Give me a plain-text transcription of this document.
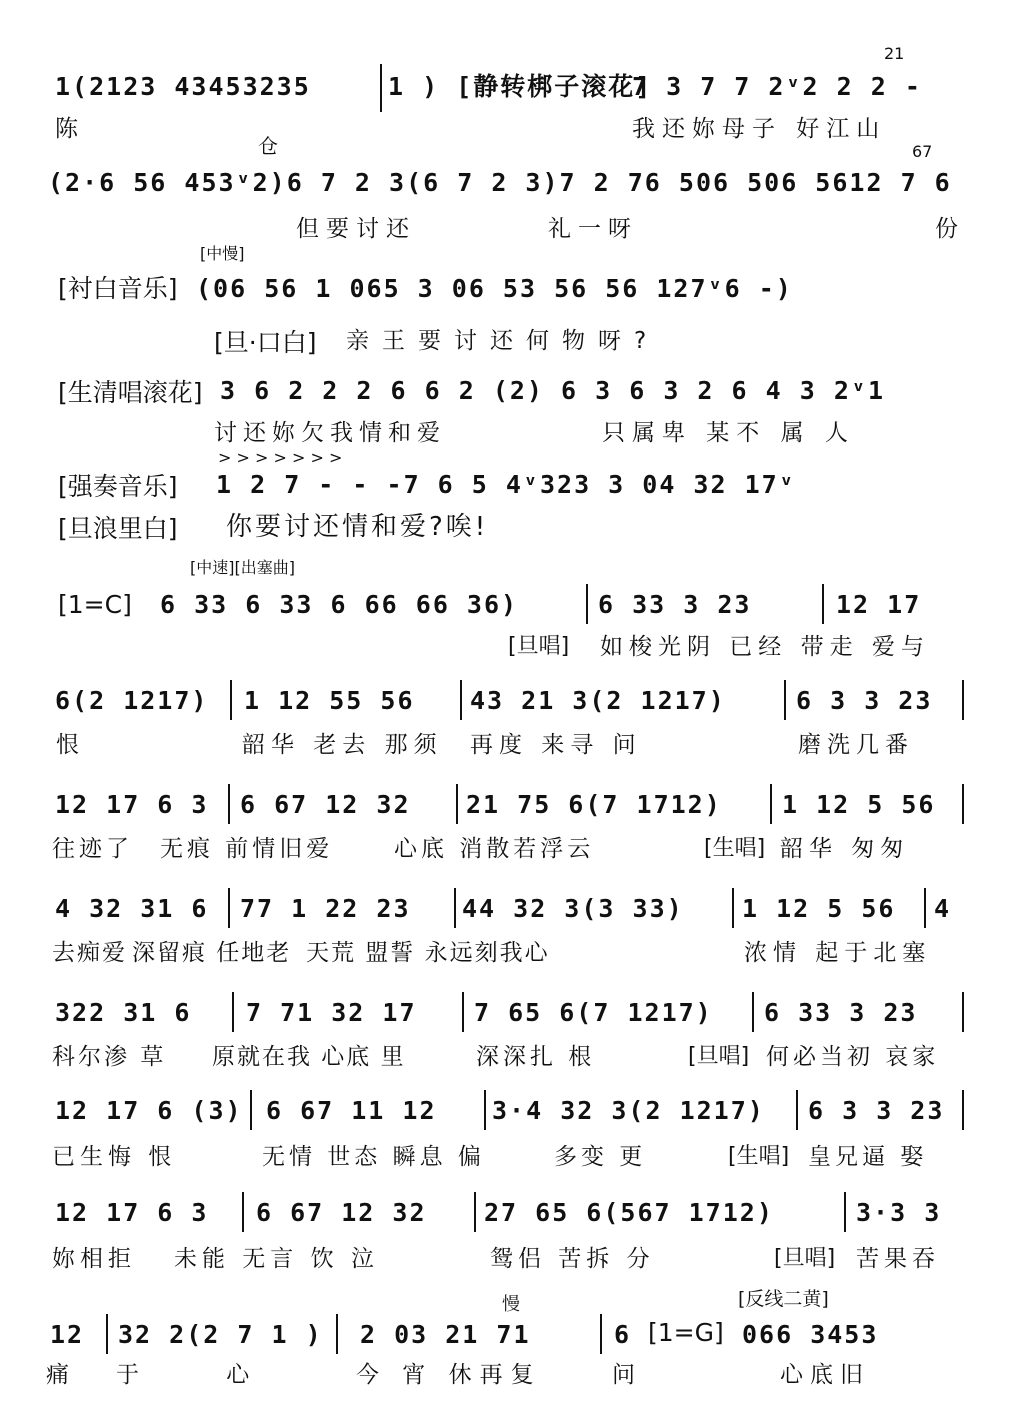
1(2123 43453235	1 ) [静转梆子滚花]
7 3 7 7 2ᵛ2 2 2 -
21
陈	我还妳母子 好江山
仓	67
(2·6 56 453ᵛ2)6 7 2 3(6 7 2 3)7 2 76 506 506 5612 7 6
但要讨还	礼一呀	份
[中慢]
[衬白音乐] (06 56 1 065 3 06 53 56 56 127ᵛ6 -)
[旦·口白] 亲王要讨还何物呀?
[生清唱滚花] 3 6 2 2 2 6 6 2 (2) 6 3 6 3 2 6 4 3 2ᵛ1
讨还妳欠我情和爱	只属卑 某不 属 人
> > > > > > >
[强奏音乐] 1 2 7 - - -7 6 5 4ᵛ323 3 04 32 17ᵛ
[旦浪里白] 你要讨还情和爱?唉!
[中速][出塞曲]
[1=C] 6 33 6 33 6 66 66 36)	6 33 3 23	12 17
[旦唱] 如梭光阴 已经 带走 爱与
6(2 1217) 1 12 55 56 43 21 3(2 1217)	6 3 3 23
恨	韶华 老去 那须 再度 来寻 问	磨洗几番
12 17 6 3 6 67 12 32 21 75 6(7 1712) 1 12 5 56
往迹了 无痕 前情旧爱	心底 消散若浮云	[生唱] 韶华 匆匆
4 32 31 6 77 1 22 23 44 32 3(3 33) 1 12 5 56 4
去痴爱 深留痕 任地老 天荒 盟誓 永远刻我心	浓情 起于北塞
322 31 6 7 71 32 17 7 65 6(7 1217) 6 33 3 23
科尔渗 草 原就在我 心底 里	深深扎 根	[旦唱] 何必当初 哀家
12 17 6 (3) 6 67 11 12 3·4 32 3(2 1217) 6 3 3 23
已生悔 恨	无情 世态 瞬息 偏	多变 更	[生唱] 皇兄逼 娶
12 17 6 3 6 67 12 32 27 65 6(567 1712)	3·3 3
妳相拒 未能 无言 饮 泣	鸳侣 苦拆 分	[旦唱] 苦果吞
慢	[反线二黄]
12 32 2(2 7 1 ) 2 03 21 71	6 [1=G] 066 3453
痛 于 心	今 宵 休再复	问	心底旧
